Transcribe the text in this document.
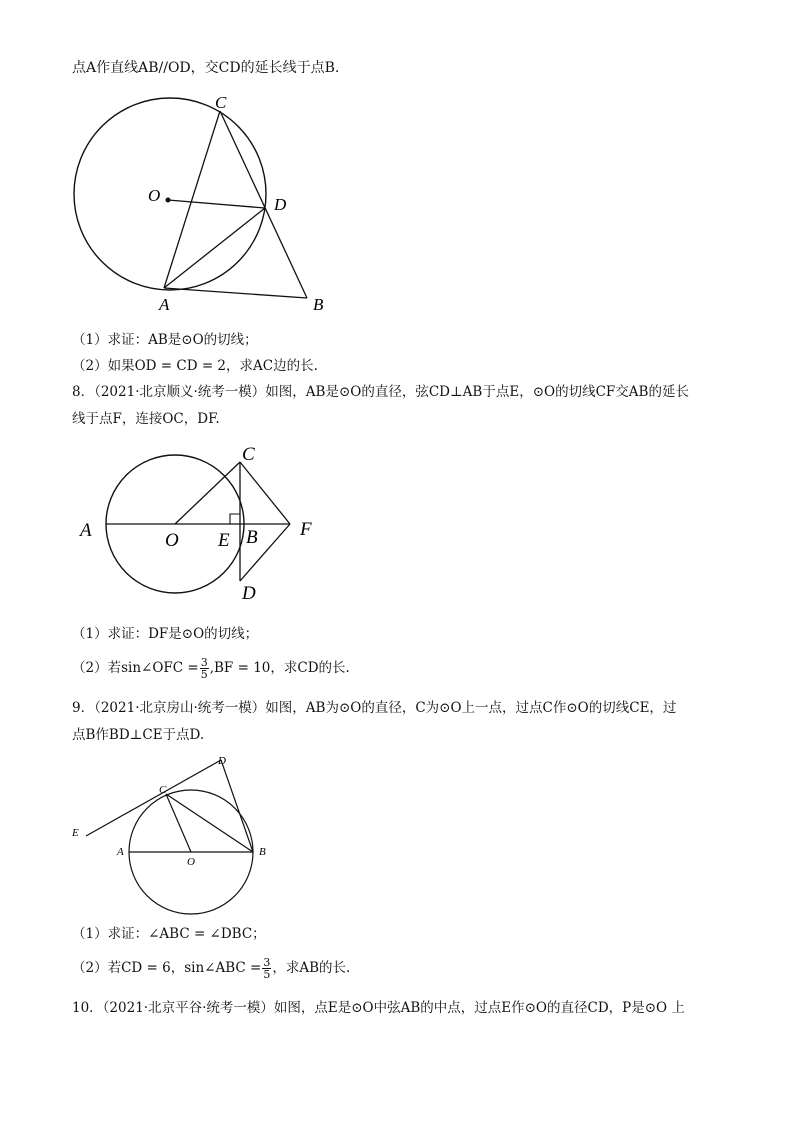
点A作直线AB//OD，交CD的延长线于点B.
C
O	D
A	B
（1）求证：AB是⊙O的切线；
（2）如果OD = CD = 2，求AC边的长.
8．（2021·北京顺义·统考一模）如图，AB是⊙O的直径，弦CD⊥AB于点E，⊙O的切线CF交AB的延长
线于点F，连接OC，DF.
C
A	O E B F
D
（1）求证：DF是⊙O的切线；
（2）若sin∠OFC = $\frac{3}{5} ,BF = 10$，求CD的长.
9．（2021·北京房山·统考一模）如图，AB为⊙O的直径，C为⊙O上一点，过点C作⊙O的切线CE，过
点B作BD⊥CE于点D.
D
C
E
A
O
B
（1）求证：∠ABC = ∠DBC；
（2）若CD = 6，sin∠ABC = $\frac{3}{5}$ ，求AB的长.
10．（2021·北京平谷·统考一模）如图，点E是⊙O中弦AB的中点，过点E作⊙O的直径CD，P是⊙O 上
